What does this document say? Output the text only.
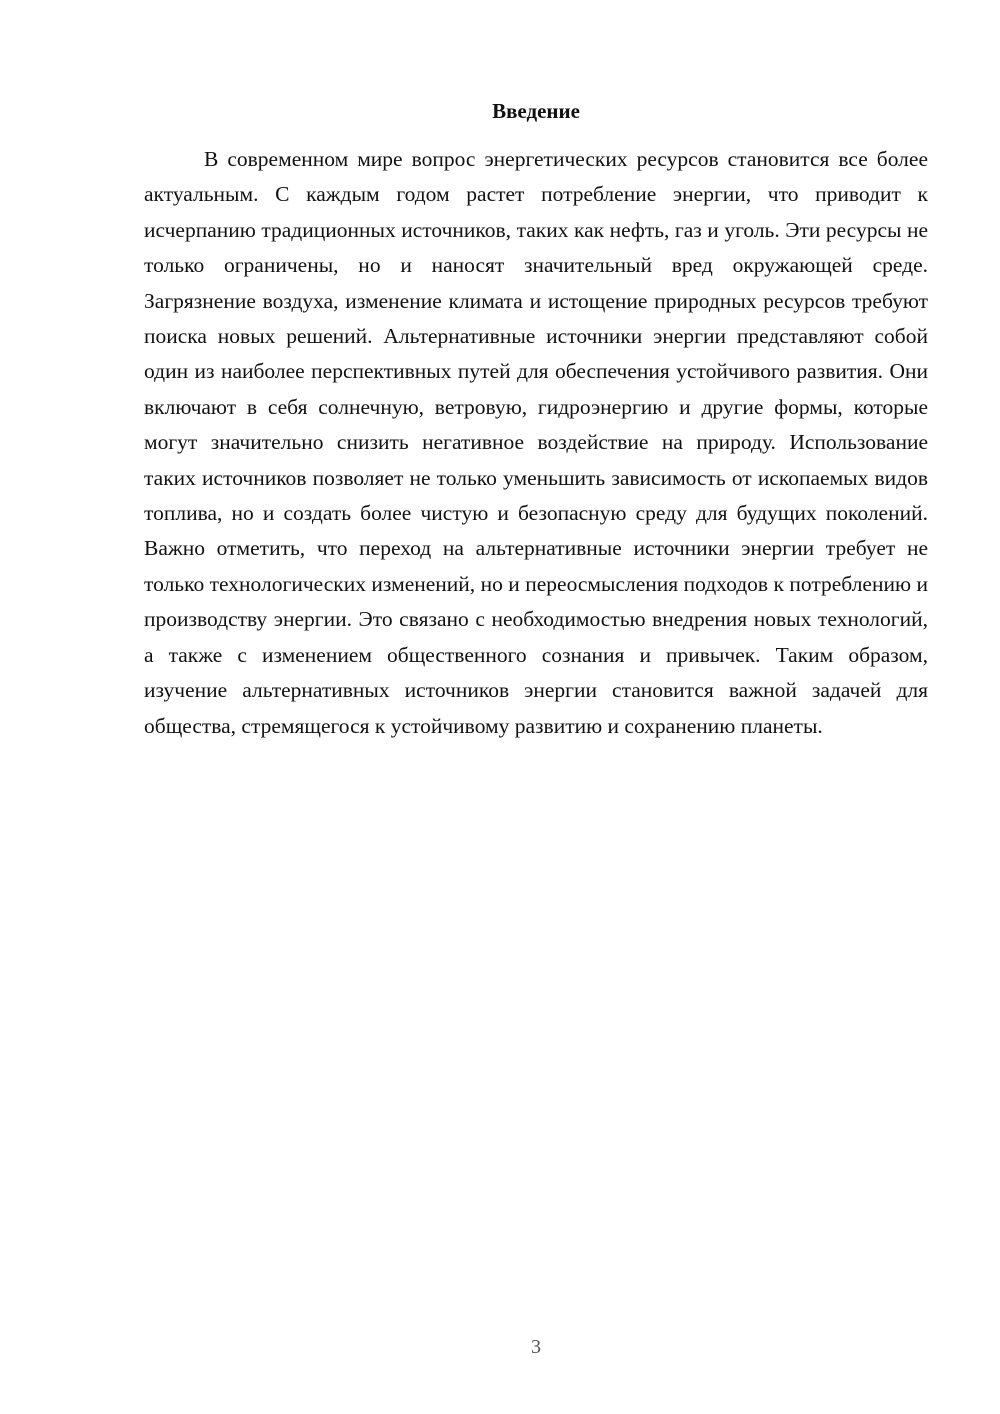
Введение

В современном мире вопрос энергетических ресурсов становится все более актуальным. С каждым годом растет потребление энергии, что приводит к исчерпанию традиционных источников, таких как нефть, газ и уголь. Эти ресурсы не только ограничены, но и наносят значительный вред окружающей среде. Загрязнение воздуха, изменение климата и истощение природных ресурсов требуют поиска новых решений. Альтернативные источники энергии представляют собой один из наиболее перспективных путей для обеспечения устойчивого развития. Они включают в себя солнечную, ветровую, гидроэнергию и другие формы, которые могут значительно снизить негативное воздействие на природу. Использование таких источников позволяет не только уменьшить зависимость от ископаемых видов топлива, но и создать более чистую и безопасную среду для будущих поколений. Важно отметить, что переход на альтернативные источники энергии требует не только технологических изменений, но и переосмысления подходов к потреблению и производству энергии. Это связано с необходимостью внедрения новых технологий, а также с изменением общественного сознания и привычек. Таким образом, изучение альтернативных источников энергии становится важной задачей для общества, стремящегося к устойчивому развитию и сохранению планеты.

3
